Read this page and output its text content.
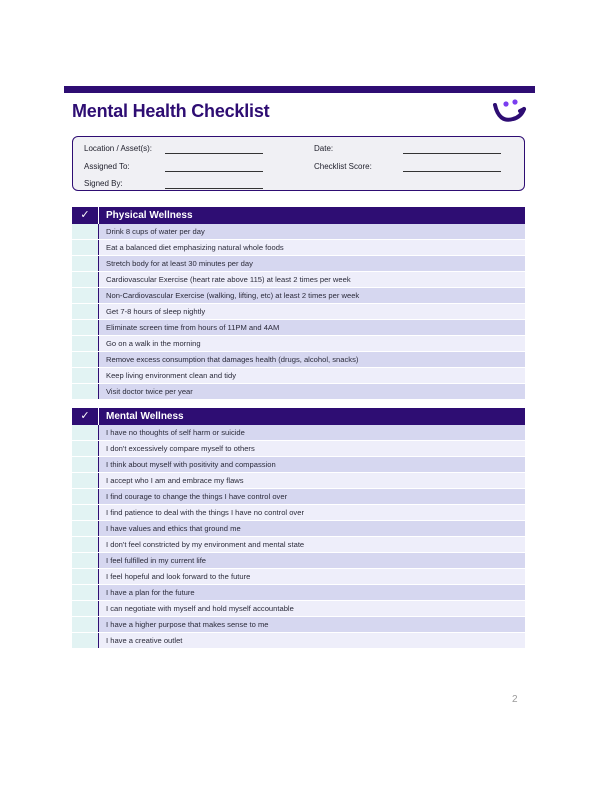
Mental Health Checklist
Location / Asset(s):
Assigned To:
Signed By:
Date:
Checklist Score:
✓	Physical Wellness
Drink 8 cups of water per day
Eat a balanced diet emphasizing natural whole foods
Stretch body for at least 30 minutes per day
Cardiovascular Exercise (heart rate above 115) at least 2 times per week
Non-Cardiovascular Exercise (walking, lifting, etc) at least 2 times per week
Get 7-8 hours of sleep nightly
Eliminate screen time from hours of 11PM and 4AM
Go on a walk in the morning
Remove excess consumption that damages health (drugs, alcohol, snacks)
Keep living environment clean and tidy
Visit doctor twice per year
✓	Mental Wellness
I have no thoughts of self harm or suicide
I don't excessively compare myself to others
I think about myself with positivity and compassion
I accept who I am and embrace my flaws
I find courage to change the things I have control over
I find patience to deal with the things I have no control over
I have values and ethics that ground me
I don't feel constricted by my environment and mental state
I feel fulfilled in my current life
I feel hopeful and look forward to the future
I have a plan for the future
I can negotiate with myself and hold myself accountable
I have a higher purpose that makes sense to me
I have a creative outlet
2
